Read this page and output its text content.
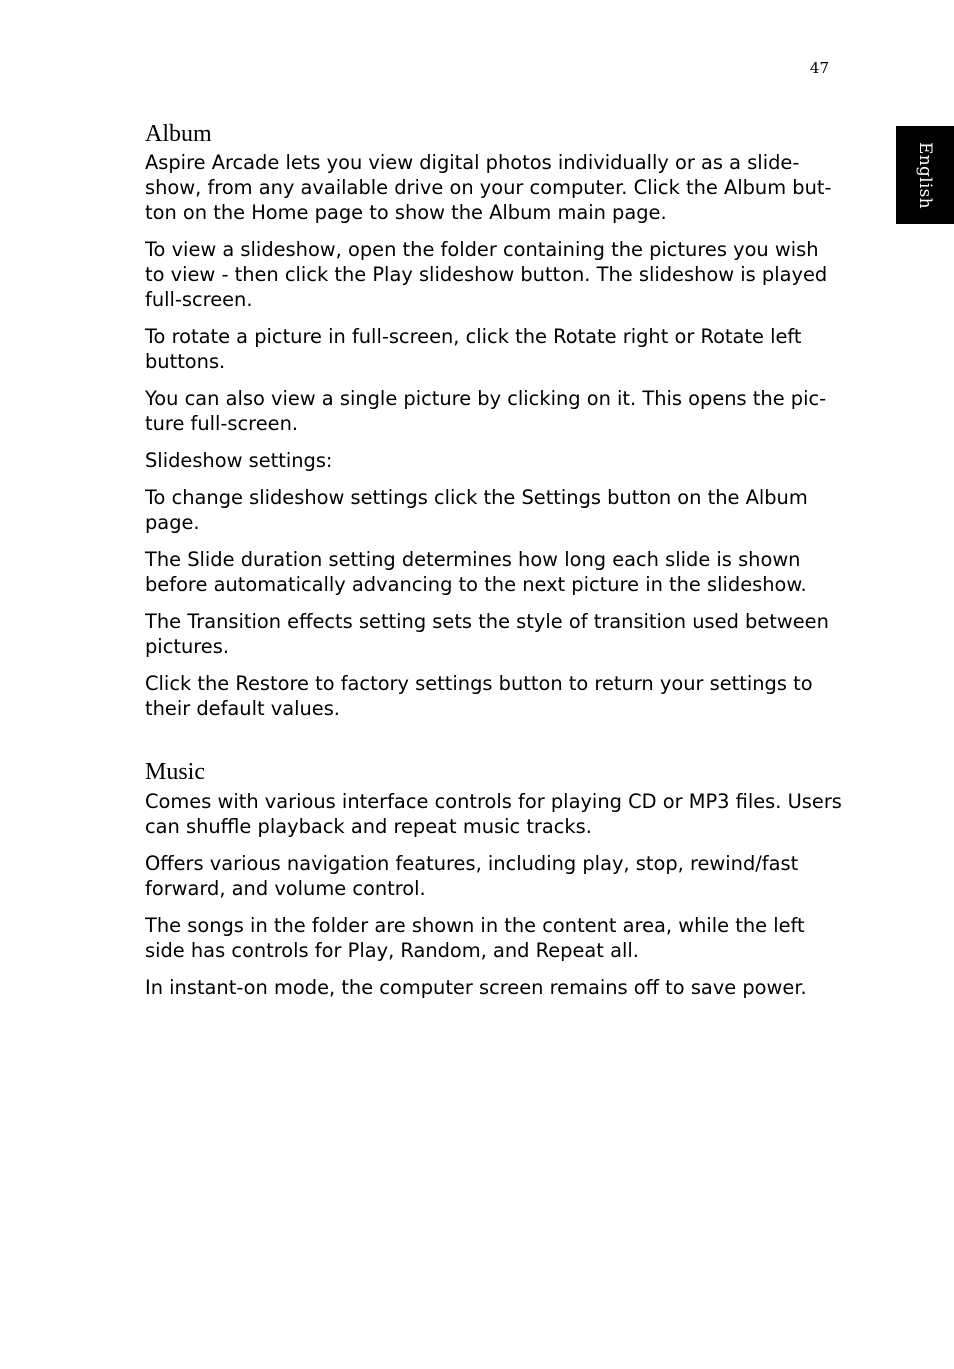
47
English
Album

Aspire Arcade lets you view digital photos individually or as a slide-
show, from any available drive on your computer. Click the Album but-
ton on the Home page to show the Album main page.

To view a slideshow, open the folder containing the pictures you wish
to view - then click the Play slideshow button. The slideshow is played
full-screen.

To rotate a picture in full-screen, click the Rotate right or Rotate left
buttons.

You can also view a single picture by clicking on it. This opens the pic-
ture full-screen.

Slideshow settings:

To change slideshow settings click the Settings button on the Album
page.

The Slide duration setting determines how long each slide is shown
before automatically advancing to the next picture in the slideshow.

The Transition effects setting sets the style of transition used between
pictures.

Click the Restore to factory settings button to return your settings to
their default values.

Music

Comes with various interface controls for playing CD or MP3 files. Users
can shuffle playback and repeat music tracks.

Offers various navigation features, including play, stop, rewind/fast
forward, and volume control.

The songs in the folder are shown in the content area, while the left
side has controls for Play, Random, and Repeat all.

In instant-on mode, the computer screen remains off to save power.
